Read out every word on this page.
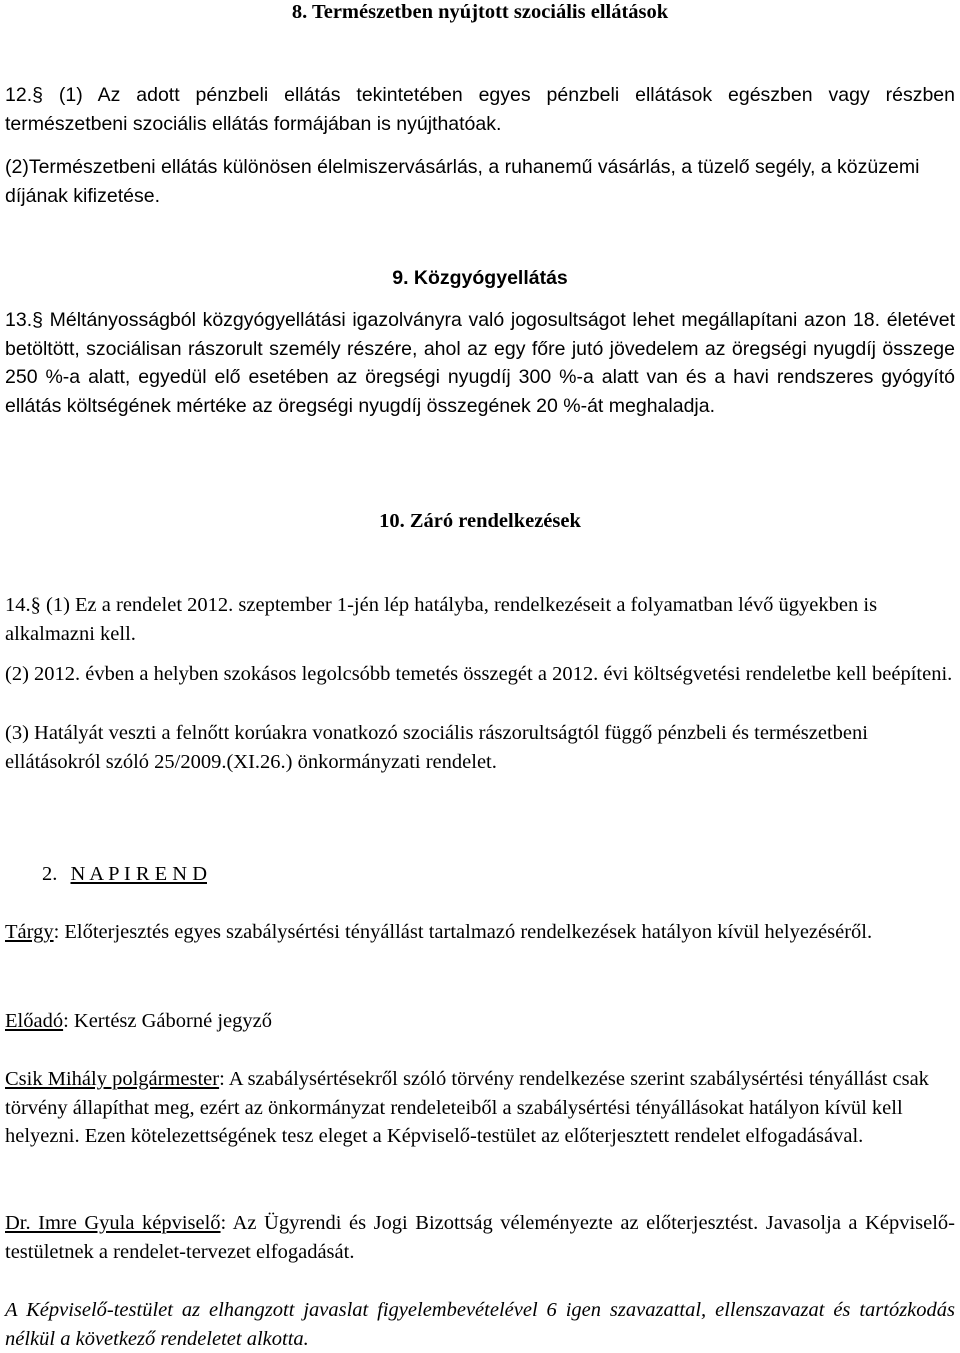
8. Természetben nyújtott szociális ellátások

12.§ (1) Az adott pénzbeli ellátás tekintetében egyes pénzbeli ellátások egészben vagy részben természetbeni szociális ellátás formájában is nyújthatóak.

(2)Természetbeni ellátás különösen élelmiszervásárlás, a ruhanemű vásárlás, a tüzelő segély, a közüzemi díjának kifizetése.

9. Közgyógyellátás

13.§ Méltányosságból közgyógyellátási igazolványra való jogosultságot lehet megállapítani azon 18. életévet betöltött, szociálisan rászorult személy részére, ahol az egy főre jutó jövedelem az öregségi nyugdíj összege 250 %-a alatt, egyedül elő esetében az öregségi nyugdíj 300 %-a alatt van és a havi rendszeres gyógyító ellátás költségének mértéke az öregségi nyugdíj összegének 20 %-át meghaladja.

10. Záró rendelkezések

14.§ (1) Ez a rendelet 2012. szeptember 1-jén lép hatályba, rendelkezéseit a folyamatban lévő ügyekben is alkalmazni kell.

(2) 2012. évben a helyben szokásos legolcsóbb temetés összegét a 2012. évi költségvetési rendeletbe kell beépíteni.

(3) Hatályát veszti a felnőtt korúakra vonatkozó szociális rászorultságtól függő pénzbeli és természetbeni ellátásokról szóló 25/2009.(XI.26.) önkormányzati rendelet.

2. N A P I R E N D

Tárgy: Előterjesztés egyes szabálysértési tényállást tartalmazó rendelkezések hatályon kívül helyezéséről.

Előadó: Kertész Gáborné jegyző

Csik Mihály polgármester: A szabálysértésekről szóló törvény rendelkezése szerint szabálysértési tényállást csak törvény állapíthat meg, ezért az önkormányzat rendeleteiből a szabálysértési tényállásokat hatályon kívül kell helyezni. Ezen kötelezettségének tesz eleget a Képviselő-testület az előterjesztett rendelet elfogadásával.

Dr. Imre Gyula képviselő: Az Ügyrendi és Jogi Bizottság véleményezte az előterjesztést. Javasolja a Képviselő-testületnek a rendelet-tervezet elfogadását.

A Képviselő-testület az elhangzott javaslat figyelembevételével 6 igen szavazattal, ellenszavazat és tartózkodás nélkül a következő rendeletet alkotta.
